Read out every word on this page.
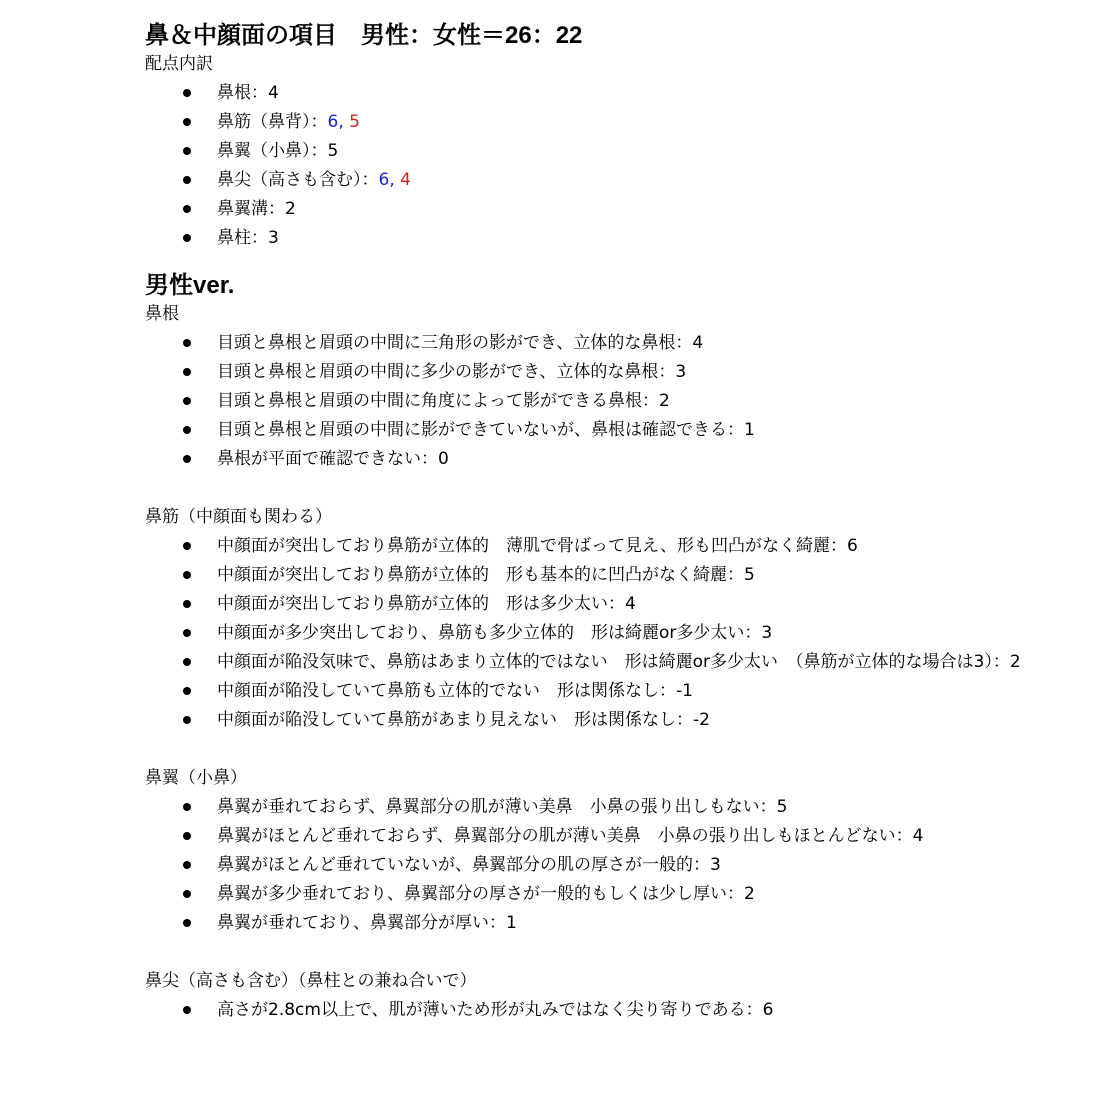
鼻＆中顔面の項目　男性：女性＝26：22

配点内訳

鼻根：4
鼻筋（鼻背）：6, 5
鼻翼（小鼻）：5
鼻尖（高さも含む）：6, 4
鼻翼溝：2
鼻柱：3
男性ver.

鼻根

目頭と鼻根と眉頭の中間に三角形の影ができ、立体的な鼻根：4
目頭と鼻根と眉頭の中間に多少の影ができ、立体的な鼻根：3
目頭と鼻根と眉頭の中間に角度によって影ができる鼻根：2
目頭と鼻根と眉頭の中間に影ができていないが、鼻根は確認できる：1
鼻根が平面で確認できない：0

鼻筋（中顔面も関わる）

中顔面が突出しており鼻筋が立体的　薄肌で骨ばって見え、形も凹凸がなく綺麗：6
中顔面が突出しており鼻筋が立体的　形も基本的に凹凸がなく綺麗：5
中顔面が突出しており鼻筋が立体的　形は多少太い：4
中顔面が多少突出しており、鼻筋も多少立体的　形は綺麗or多少太い：3
中顔面が陥没気味で、鼻筋はあまり立体的ではない　形は綺麗or多少太い　（鼻筋が立体的な場合は3）：2
中顔面が陥没していて鼻筋も立体的でない　形は関係なし：-1
中顔面が陥没していて鼻筋があまり見えない　形は関係なし：-2

鼻翼（小鼻）

鼻翼が垂れておらず、鼻翼部分の肌が薄い美鼻　小鼻の張り出しもない：5
鼻翼がほとんど垂れておらず、鼻翼部分の肌が薄い美鼻　小鼻の張り出しもほとんどない：4
鼻翼がほとんど垂れていないが、鼻翼部分の肌の厚さが一般的：3
鼻翼が多少垂れており、鼻翼部分の厚さが一般的もしくは少し厚い：2
鼻翼が垂れており、鼻翼部分が厚い：1

鼻尖（高さも含む）（鼻柱との兼ね合いで）

高さが2.8cm以上で、肌が薄いため形が丸みではなく尖り寄りである：6
